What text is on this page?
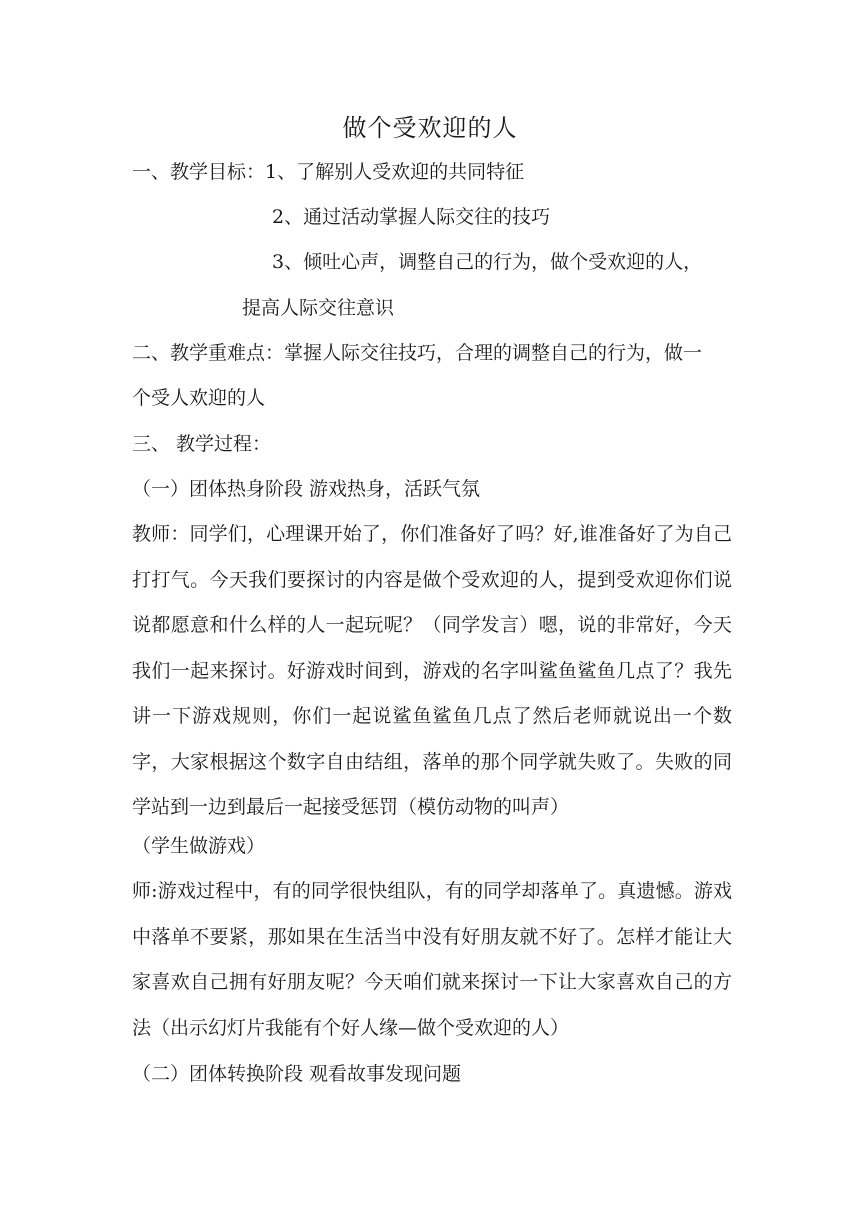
做个受欢迎的人
一、教学目标：1、了解别人受欢迎的共同特征
2、通过活动掌握人际交往的技巧
3、倾吐心声，调整自己的行为，做个受欢迎的人，
提高人际交往意识
二、教学重难点：掌握人际交往技巧，合理的调整自己的行为，做一
个受人欢迎的人
三、 教学过程：
（一）团体热身阶段 游戏热身，活跃气氛
教师：同学们，心理课开始了，你们准备好了吗？好,谁准备好了为自己打打气。今天我们要探讨的内容是做个受欢迎的人，提到受欢迎你们说说都愿意和什么样的人一起玩呢？（同学发言）嗯，说的非常好，今天我们一起来探讨。好游戏时间到，游戏的名字叫鲨鱼鲨鱼几点了？我先讲一下游戏规则，你们一起说鲨鱼鲨鱼几点了然后老师就说出一个数字，大家根据这个数字自由结组，落单的那个同学就失败了。失败的同学站到一边到最后一起接受惩罚（模仿动物的叫声）
（学生做游戏）
师:游戏过程中，有的同学很快组队，有的同学却落单了。真遗憾。游戏中落单不要紧，那如果在生活当中没有好朋友就不好了。怎样才能让大家喜欢自己拥有好朋友呢？今天咱们就来探讨一下让大家喜欢自己的方法（出示幻灯片我能有个好人缘—做个受欢迎的人）
（二）团体转换阶段 观看故事发现问题
